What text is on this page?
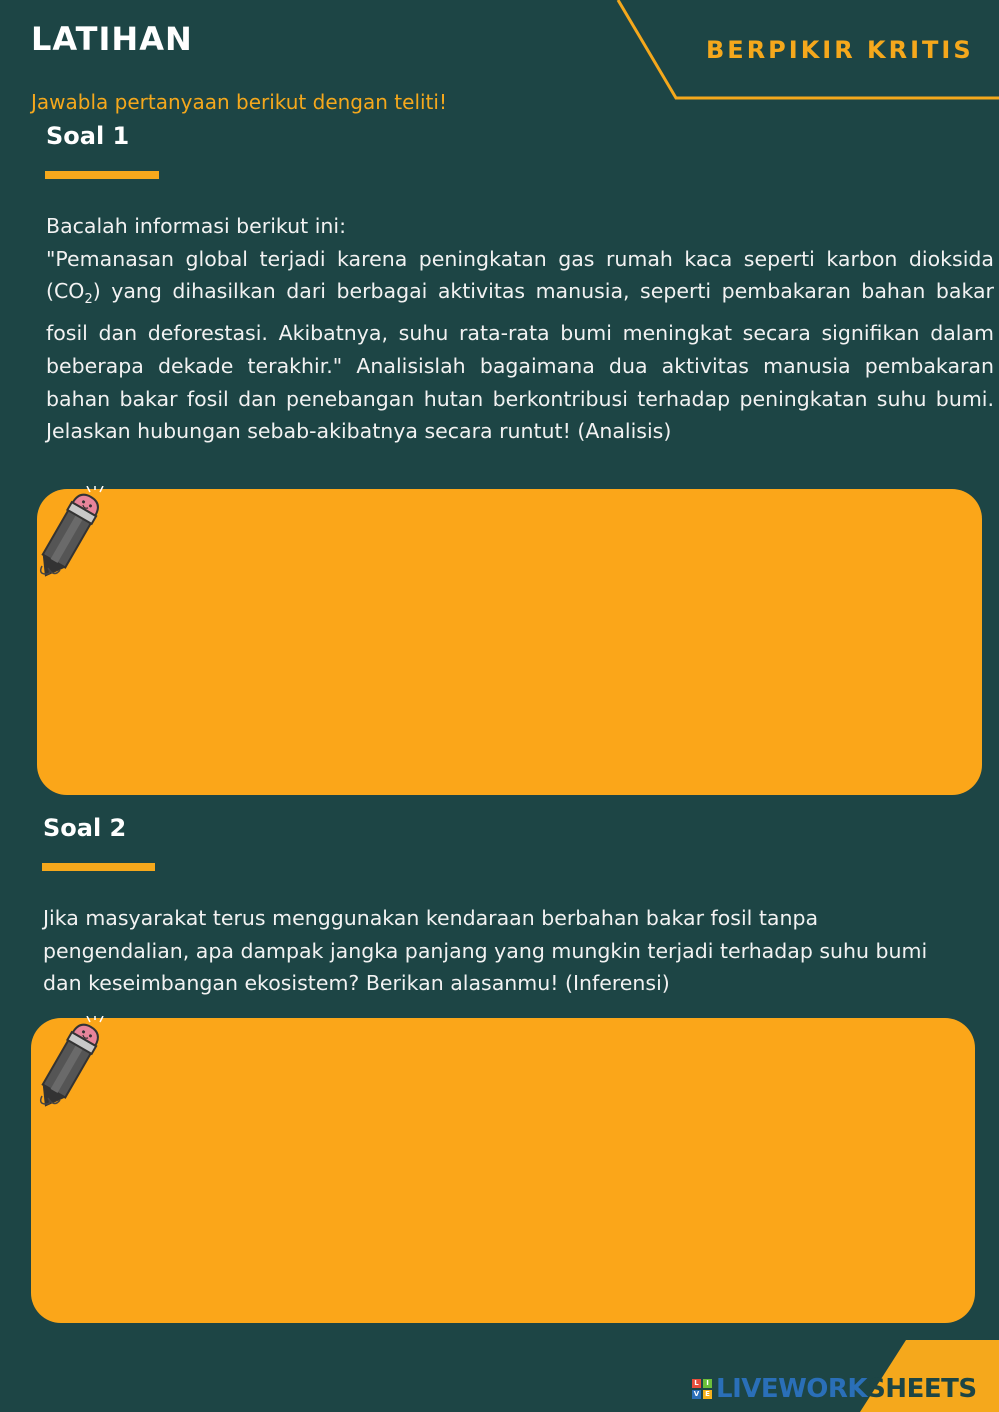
LATIHAN	BERPIKIR KRITIS
Jawabla pertanyaan berikut dengan teliti!
Soal 1
Bacalah informasi berikut ini:
"Pemanasan global terjadi karena peningkatan gas rumah kaca seperti karbon dioksida $(CO_2)$ yang dihasilkan dari berbagai aktivitas manusia, seperti pembakaran bahan bakar fosil dan deforestasi. Akibatnya, suhu rata-rata bumi meningkat secara signifikan dalam beberapa dekade terakhir." Analisislah bagaimana dua aktivitas manusia pembakaran bahan bakar fosil dan penebangan hutan berkontribusi terhadap peningkatan suhu bumi. Jelaskan hubungan sebab-akibatnya secara runtut! (Analisis)
Soal 2
Jika masyarakat terus menggunakan kendaraan berbahan bakar fosil tanpa pengendalian, apa dampak jangka panjang yang mungkin terjadi terhadap suhu bumi dan keseimbangan ekosistem? Berikan alasanmu! (Inferensi)
L	I
V E LIVEWORKSHEETS
